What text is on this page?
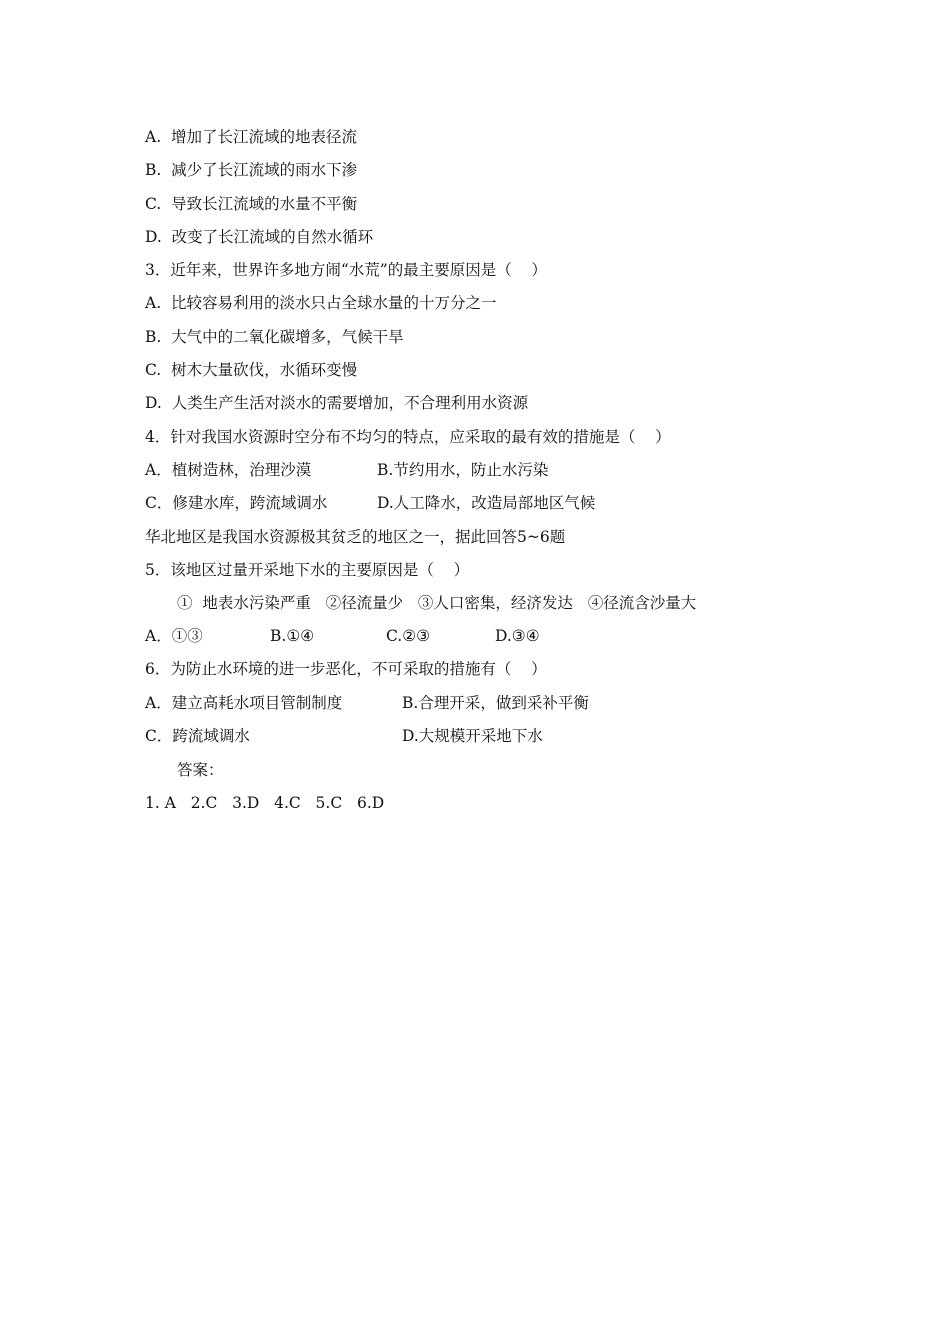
A.  增加了长江流域的地表径流
B.  减少了长江流域的雨水下渗
C.  导致长江流域的水量不平衡
D.  改变了长江流域的自然水循环
3．近年来，世界许多地方闹“水荒”的最主要原因是（    ）
A.  比较容易利用的淡水只占全球水量的十万分之一
B.  大气中的二氧化碳增多，气候干旱
C.  树木大量砍伐，水循环变慢
D.  人类生产生活对淡水的需要增加，不合理利用水资源
4．针对我国水资源时空分布不均匀的特点，应采取的最有效的措施是（    ）
A．植树造林，治理沙漠	B.节约用水，防止水污染
C．修建水库，跨流域调水	D.人工降水，改造局部地区气候
华北地区是我国水资源极其贫乏的地区之一，据此回答5~6题
5．该地区过量开采地下水的主要原因是（    ）
①  地表水污染严重   ②径流量少   ③人口密集，经济发达   ④径流含沙量大
A．①③	B.①④	C.②③	D.③④
6．为防止水环境的进一步恶化，不可采取的措施有（    ）
A．建立高耗水项目管制制度	B.合理开采，做到采补平衡
C．跨流域调水	D.大规模开采地下水
答案：
1. A   2.C   3.D   4.C   5.C   6.D
